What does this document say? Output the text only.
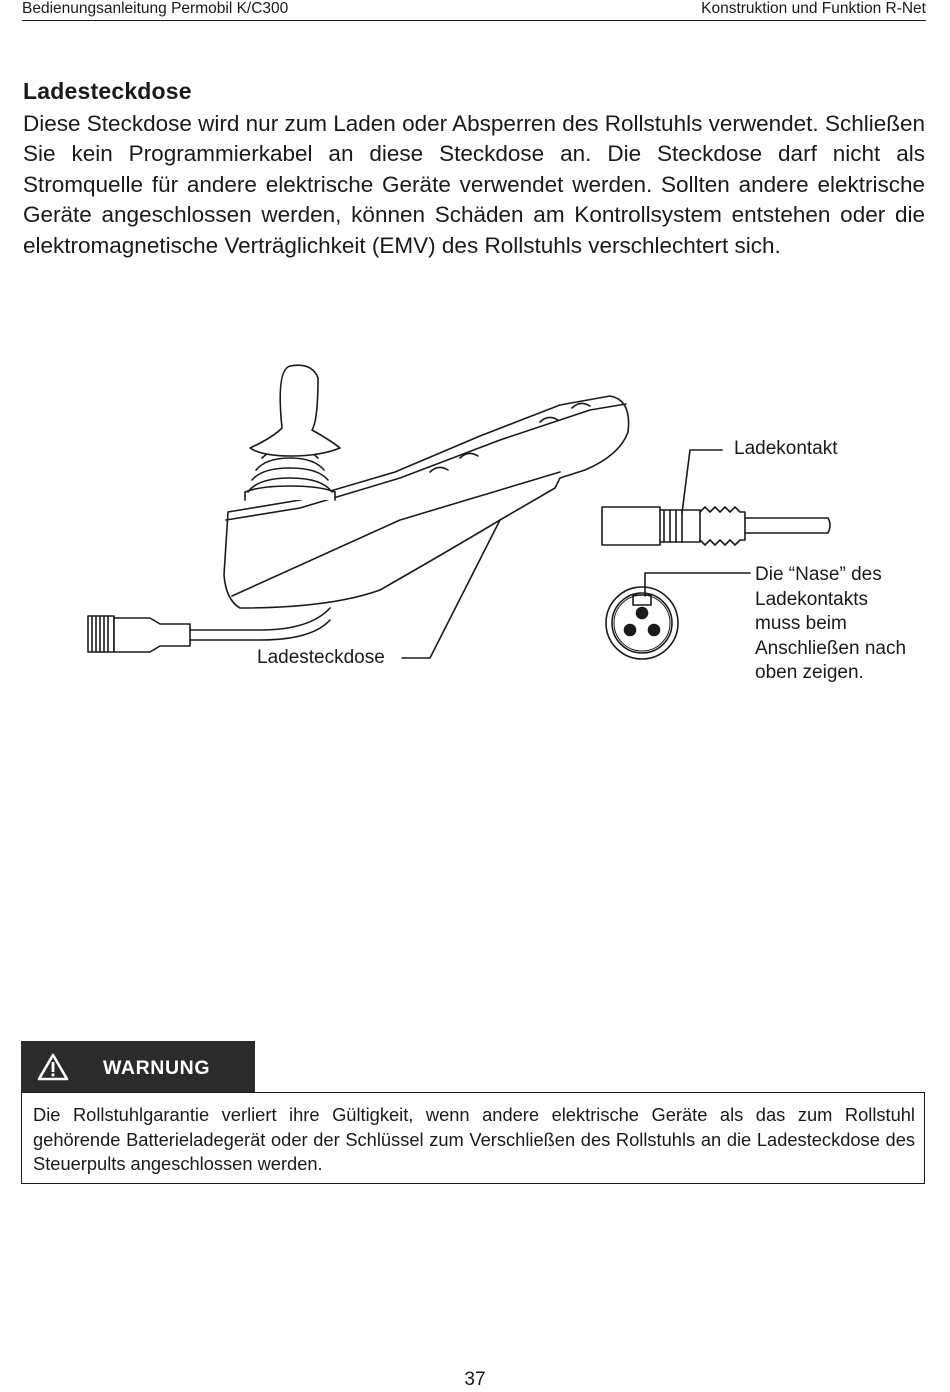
Bedienungsanleitung Permobil K/C300	Konstruktion und Funktion R-Net
Ladesteckdose
Diese Steckdose wird nur zum Laden oder Absperren des Rollstuhls verwendet. Schließen Sie kein Programmierkabel an diese Steckdose an. Die Steckdose darf nicht als Stromquelle für andere elektrische Geräte verwendet werden. Sollten andere elektrische Geräte angeschlossen werden, können Schäden am Kontrollsystem entstehen oder die elektromagnetische Verträglichkeit (EMV) des Rollstuhls verschlechtert sich.
Ladekontakt
Ladesteckdose
Die “Nase” des
Ladekontakts
muss beim
Anschließen nach
oben zeigen.
WARNUNG
Die Rollstuhlgarantie verliert ihre Gültigkeit, wenn andere elektrische Geräte als das zum Rollstuhl gehörende Batterieladegerät oder der Schlüssel zum Verschließen des Rollstuhls an die Ladesteckdose des Steuerpults angeschlossen werden.
37
